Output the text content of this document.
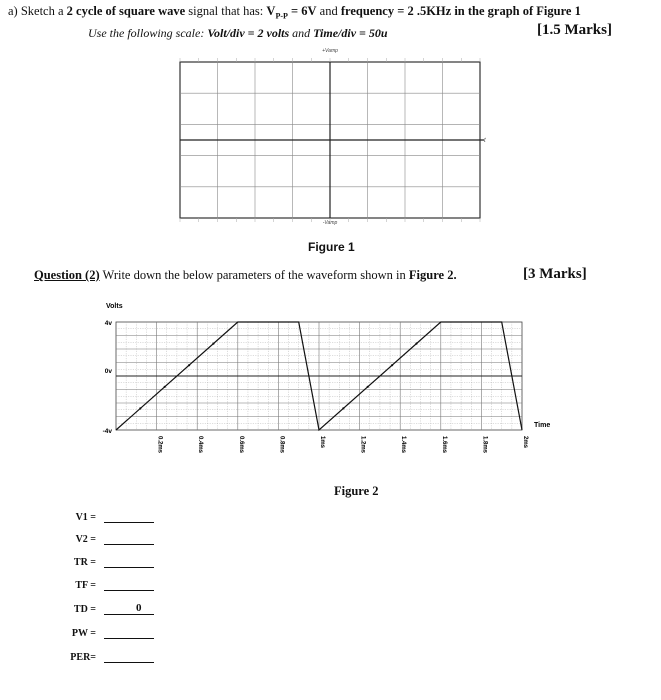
a) Sketch a 2 cycle of square wave signal that has: $V_{P-P} = 6V$ and frequency = 2 .5KHz in the graph of Figure 1
Use the following scale: Volt/div = 2 volts and Time/div = 50u	[1.5 Marks]
+Vamp
-Vamp
t
Figure 1
Question (2) Write down the below parameters of the waveform shown in Figure 2.	[3 Marks]
Volts
4v
0v
-4v
0.2ms	0.4ms	0.6ms	0.8ms	1ms	1.2ms	1.4ms	1.6ms	1.8ms	2ms
Time
Figure 2
V1 =
V2 =
TR =
TF =
TD =	0
PW =
PER=
